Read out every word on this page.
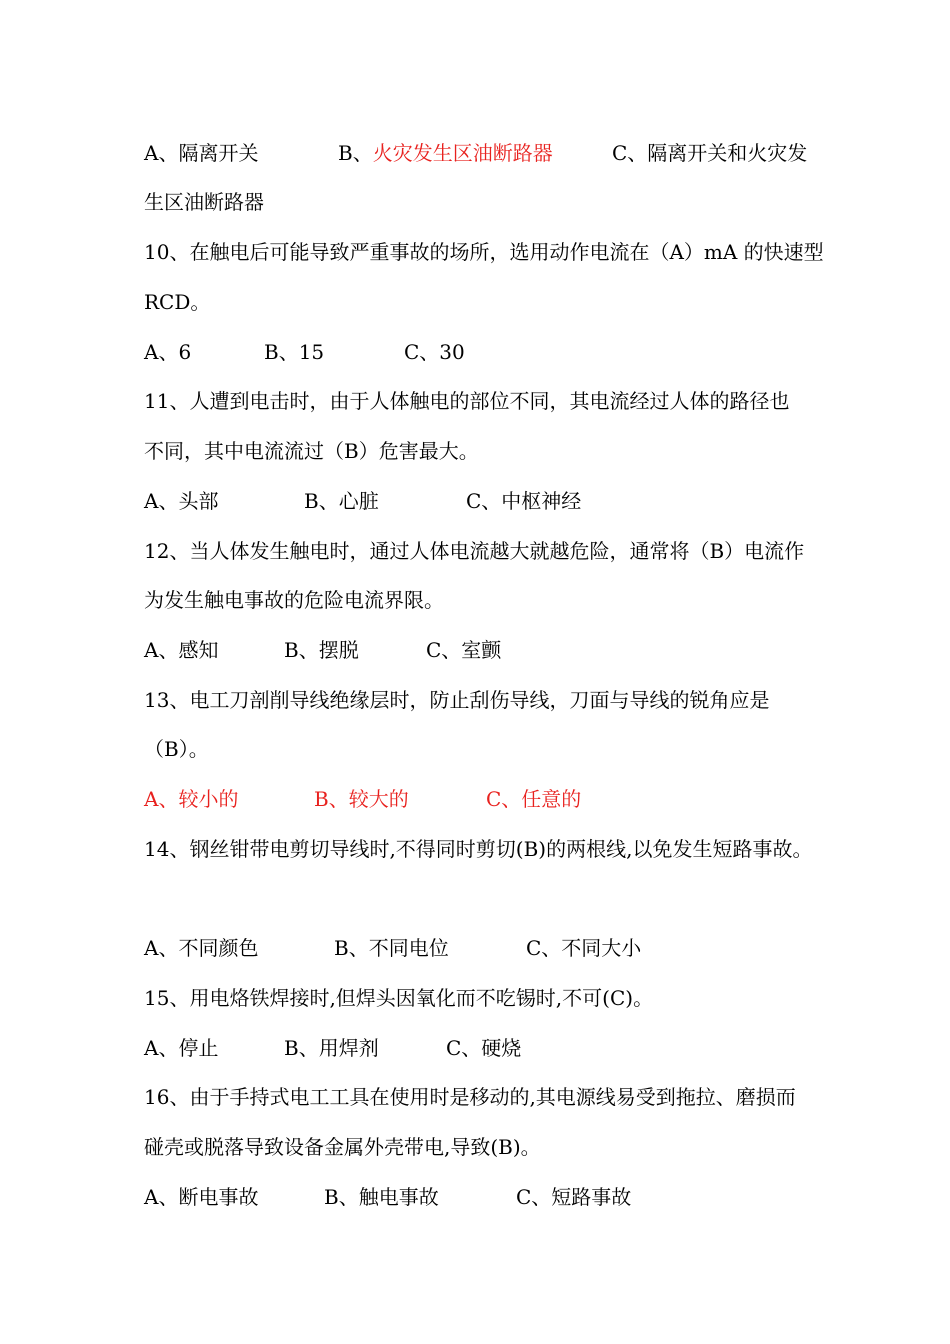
A、隔离开关	B、火灾发生区油断路器	C、隔离开关和火灾发
生区油断路器
10、在触电后可能导致严重事故的场所，选用动作电流在（A）mA 的快速型
RCD。
A、6	B、15	C、30
11、人遭到电击时，由于人体触电的部位不同，其电流经过人体的路径也
不同，其中电流流过（B）危害最大。
A、头部	B、心脏	C、中枢神经
12、当人体发生触电时，通过人体电流越大就越危险，通常将（B）电流作
为发生触电事故的危险电流界限。
A、感知	B、摆脱	C、室颤
13、电工刀剖削导线绝缘层时，防止刮伤导线，刀面与导线的锐角应是
（B）。
A、较小的	B、较大的	C、任意的
14、钢丝钳带电剪切导线时,不得同时剪切(B)的两根线,以免发生短路事故。
A、不同颜色	B、不同电位	C、不同大小
15、用电烙铁焊接时,但焊头因氧化而不吃锡时,不可(C)。
A、停止	B、用焊剂	C、硬烧
16、由于手持式电工工具在使用时是移动的,其电源线易受到拖拉、磨损而
碰壳或脱落导致设备金属外壳带电,导致(B)。
A、断电事故	B、触电事故	C、短路事故
